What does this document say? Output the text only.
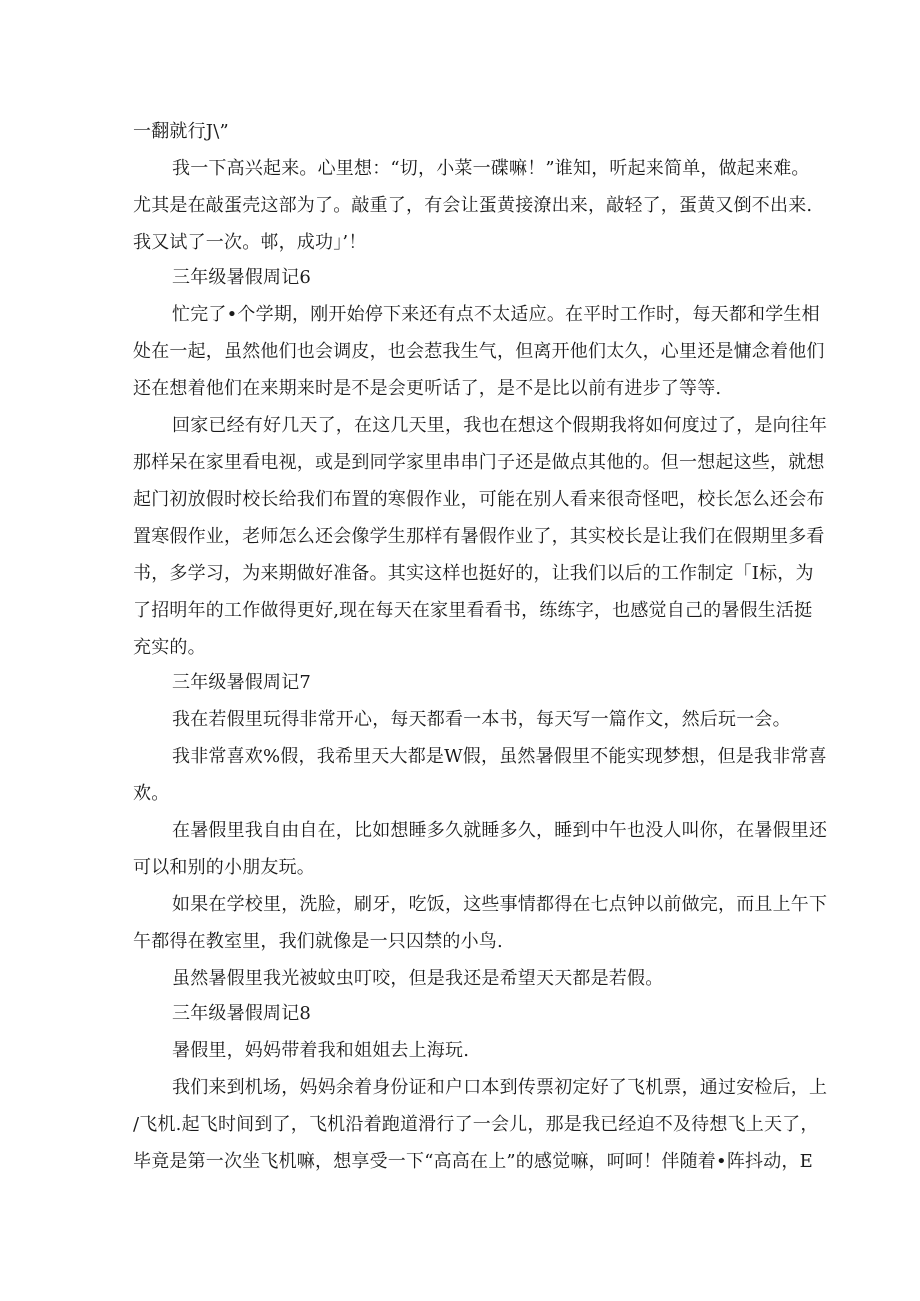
一翻就行J\”
我一下高兴起来。心里想：“切，小菜一碟嘛！”谁知，听起来简单，做起来难。
尤其是在敲蛋壳这部为了。敲重了，有会让蛋黄接潦出来，敲轻了，蛋黄又倒不出来.
我又试了一次。邨，成功」’！
三年级暑假周记6
忙完了•个学期，刚开始停下来还有点不太适应。在平时工作时，每天都和学生相
处在一起，虽然他们也会调皮，也会惹我生气，但离开他们太久，心里还是慵念着他们
还在想着他们在来期来时是不是会更听话了，是不是比以前有进步了等等.
回家已经有好几天了，在这几天里，我也在想这个假期我将如何度过了，是向往年
那样呆在家里看电视，或是到同学家里串串门子还是做点其他的。但一想起这些，就想
起门初放假时校长给我们布置的寒假作业，可能在别人看来很奇怪吧，校长怎么还会布
置寒假作业，老师怎么还会像学生那样有暑假作业了，其实校长是让我们在假期里多看
书，多学习，为来期做好准备。其实这样也挺好的，让我们以后的工作制定「I标，为
了招明年的工作做得更好,现在每天在家里看看书，练练字，也感觉自己的暑假生活挺
充实的。
三年级暑假周记7
我在若假里玩得非常开心，每天都看一本书，每天写一篇作文，然后玩一会。
我非常喜欢%假，我希里天大都是W假，虽然暑假里不能实现梦想，但是我非常喜
欢。
在暑假里我自由自在，比如想睡多久就睡多久，睡到中午也没人叫你，在暑假里还
可以和别的小朋友玩。
如果在学校里，洗脸，刷牙，吃饭，这些事情都得在七点钟以前做完，而且上午下
午都得在教室里，我们就像是一只囚禁的小鸟.
虽然暑假里我光被蚊虫叮咬，但是我还是希望天天都是若假。
三年级暑假周记8
暑假里，妈妈带着我和姐姐去上海玩.
我们来到机场，妈妈余着身份证和户口本到传票初定好了飞机票，通过安检后，上
/飞机.起飞时间到了，飞机沿着跑道滑行了一会儿，那是我已经迫不及待想飞上天了，
毕竟是第一次坐飞机嘛，想享受一下“高高在上”的感觉嘛，呵呵！伴随着•阵抖动，E
